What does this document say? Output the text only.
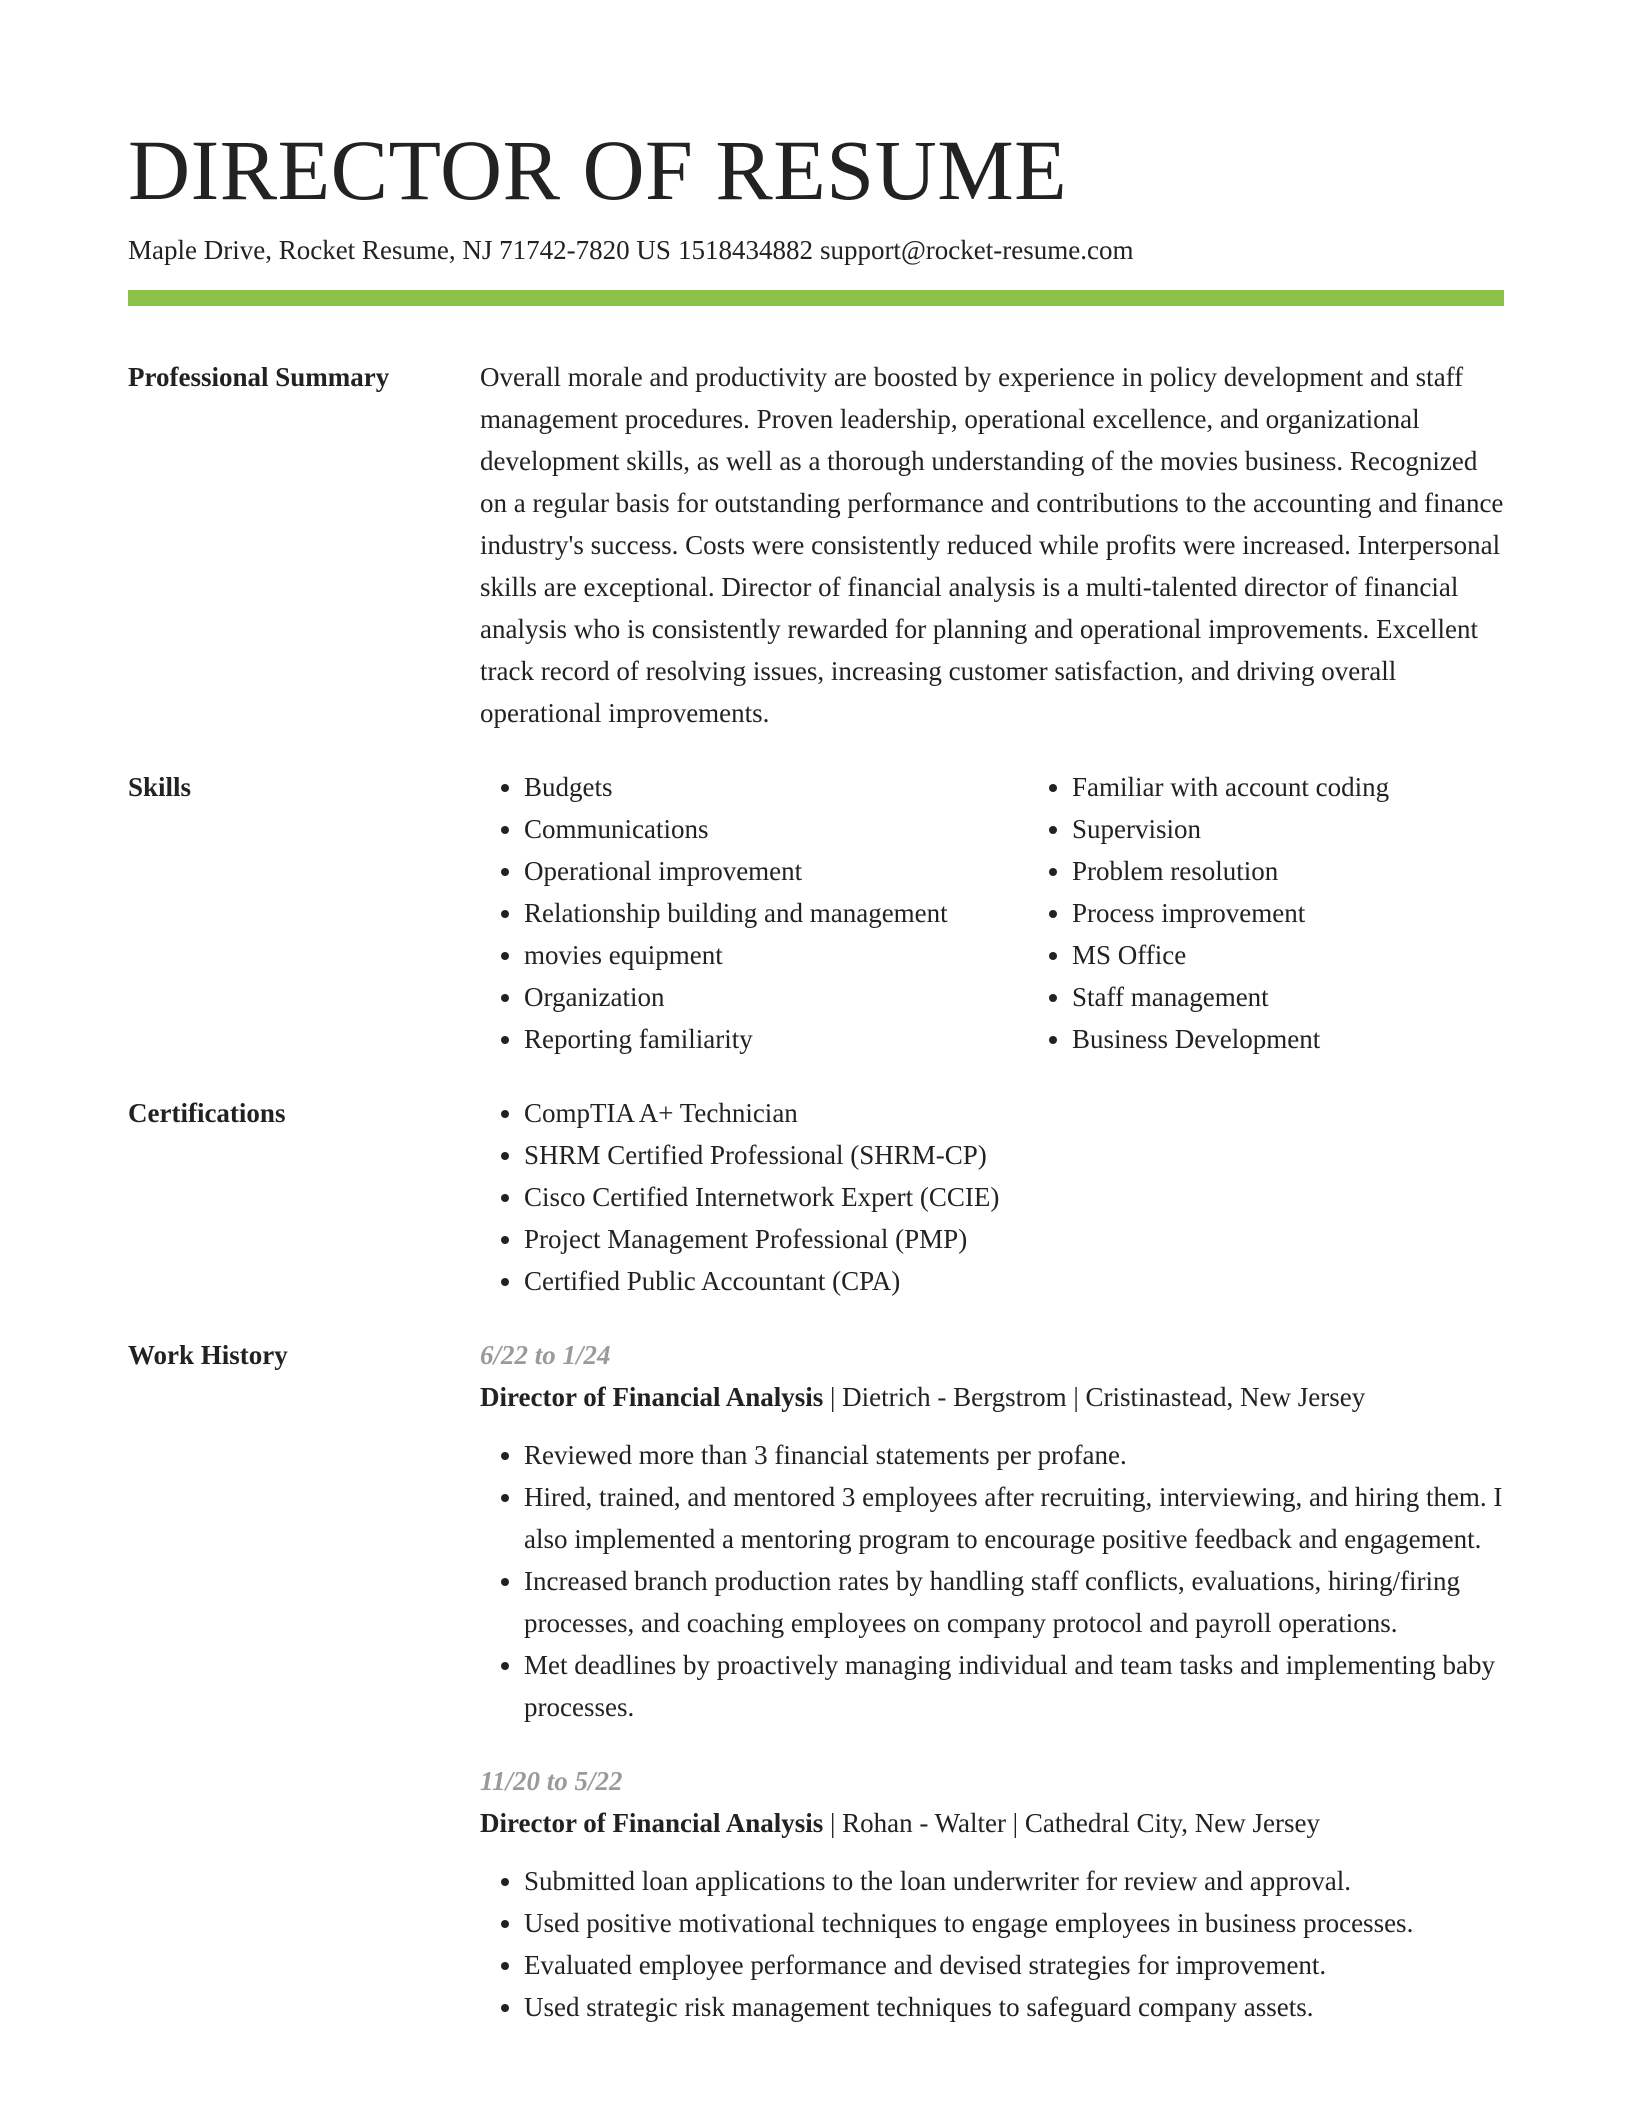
DIRECTOR OF RESUME
Maple Drive, Rocket Resume, NJ 71742-7820 US 1518434882 support@rocket-resume.com
Professional Summary	Overall morale and productivity are boosted by experience in policy development and staff management procedures. Proven leadership, operational excellence, and organizational development skills, as well as a thorough understanding of the movies business. Recognized on a regular basis for outstanding performance and contributions to the accounting and finance industry's success. Costs were consistently reduced while profits were increased. Interpersonal skills are exceptional. Director of financial analysis is a multi-talented director of financial analysis who is consistently rewarded for planning and operational improvements. Excellent track record of resolving issues, increasing customer satisfaction, and driving overall operational improvements.
Skills	• Budgets
• Communications
• Operational improvement
• Relationship building and management
• movies equipment
• Organization
• Reporting familiarity
• Familiar with account coding
• Supervision
• Problem resolution
• Process improvement
• MS Office
• Staff management
• Business Development
Certifications	• CompTIA A+ Technician
• SHRM Certified Professional (SHRM-CP)
• Cisco Certified Internetwork Expert (CCIE)
• Project Management Professional (PMP)
• Certified Public Accountant (CPA)
Work History	6/22 to 1/24
Director of Financial Analysis | Dietrich - Bergstrom | Cristinastead, New Jersey
• Reviewed more than 3 financial statements per profane.
• Hired, trained, and mentored 3 employees after recruiting, interviewing, and hiring them. I also implemented a mentoring program to encourage positive feedback and engagement.
• Increased branch production rates by handling staff conflicts, evaluations, hiring/firing processes, and coaching employees on company protocol and payroll operations.
• Met deadlines by proactively managing individual and team tasks and implementing baby processes.
11/20 to 5/22
Director of Financial Analysis | Rohan - Walter | Cathedral City, New Jersey
• Submitted loan applications to the loan underwriter for review and approval.
• Used positive motivational techniques to engage employees in business processes.
• Evaluated employee performance and devised strategies for improvement.
• Used strategic risk management techniques to safeguard company assets.
